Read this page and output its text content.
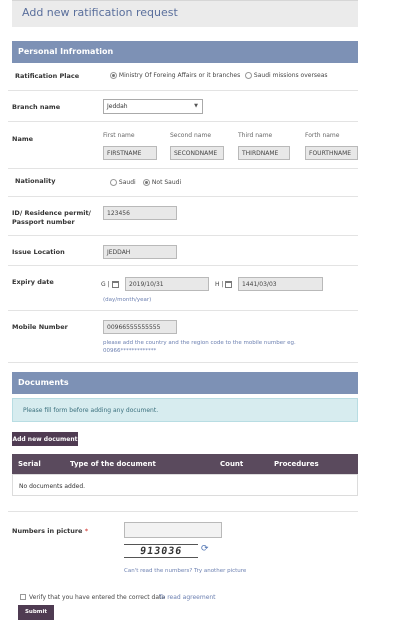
Add new ratification request
Personal Infromation
Ratification Place	Ministry Of Foreing Affairs or it branches	Saudi missions overseas
Branch name	Jeddah	▼
Name	First name	Second name	Third name	Forth name
FIRSTNAME	SECONDNAME	THIRDNAME	FOURTHNAME
Nationality	Saudi	Not Saudi
ID/ Residence permit/
Passport number
123456
Issue Location	JEDDAH
Expiry date	G |	2019/10/31	H |	1441/03/03
(day/month/year)
Mobile Number	00966555555555
please add the country and the region code to the mobile number eg.
00966*************
Documents
Please fill form before adding any document.
Add new document
Serial	Type of the document	Count	Procedures
No documents added.
Numbers in picture *
913036 ⟳
Can't read the numbers? Try another picture
Verify that you have entered the correct data
To read agreement
Submit
